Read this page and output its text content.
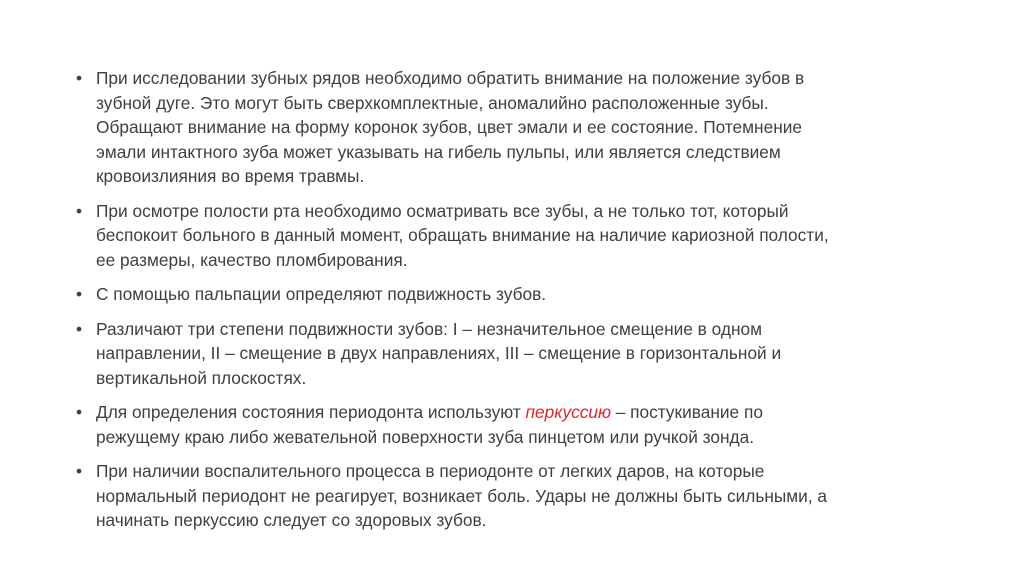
• При исследовании зубных рядов необходимо обратить внимание на положение зубов в
зубной дуге. Это могут быть сверхкомплектные, аномалийно расположенные зубы.
Обращают внимание на форму коронок зубов, цвет эмали и ее состояние. Потемнение
эмали интактного зуба может указывать на гибель пульпы, или является следствием
кровоизлияния во время травмы.
• При осмотре полости рта необходимо осматривать все зубы, а не только тот, который
беспокоит больного в данный момент, обращать внимание на наличие кариозной полости,
ее размеры, качество пломбирования.
• С помощью пальпации определяют подвижность зубов.
• Различают три степени подвижности зубов: I – незначительное смещение в одном
направлении, II – смещение в двух направлениях, III – смещение в горизонтальной и
вертикальной плоскостях.
• Для определения состояния периодонта используют перкуссию – постукивание по
режущему краю либо жевательной поверхности зуба пинцетом или ручкой зонда.
• При наличии воспалительного процесса в периодонте от легких даров, на которые
нормальный периодонт не реагирует, возникает боль. Удары не должны быть сильными, а
начинать перкуссию следует со здоровых зубов.
